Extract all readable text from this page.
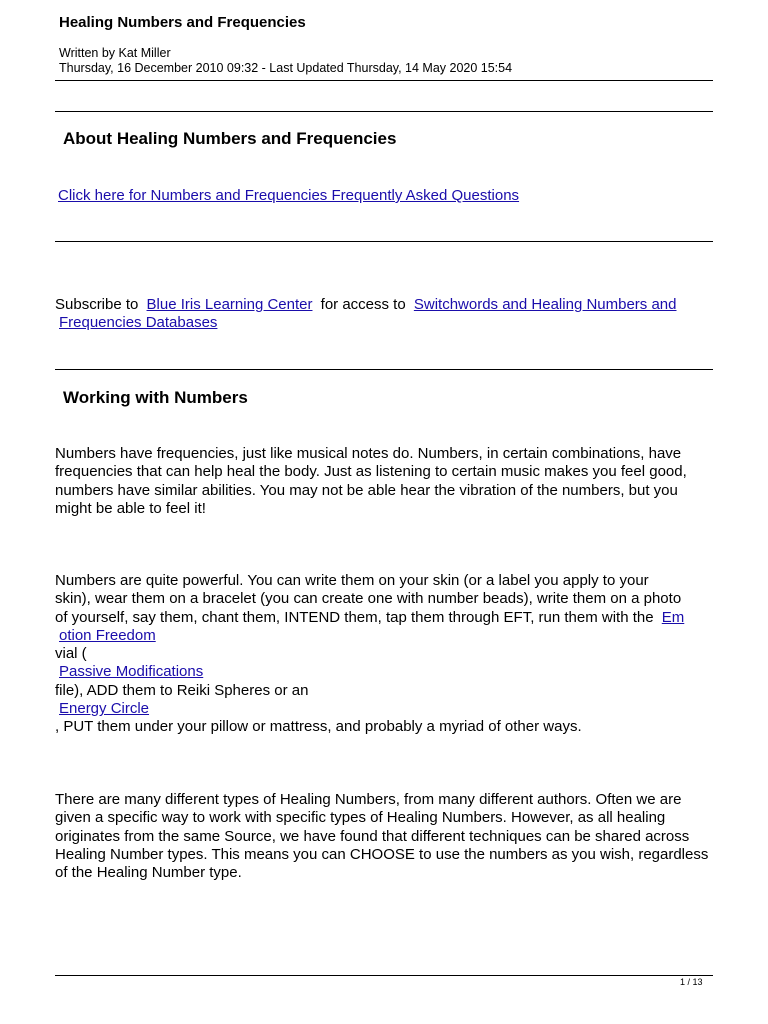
Healing Numbers and Frequencies
Written by Kat Miller
Thursday, 16 December 2010 09:32 - Last Updated Thursday, 14 May 2020 15:54
About Healing Numbers and Frequencies
Click here for Numbers and Frequencies Frequently Asked Questions
Subscribe to Blue Iris Learning Center for access to Switchwords and Healing Numbers and
Frequencies Databases
Working with Numbers
Numbers have frequencies, just like musical notes do. Numbers, in certain combinations, have frequencies that can help heal the body. Just as listening to certain music makes you feel good, numbers have similar abilities. You may not be able hear the vibration of the numbers, but you might be able to feel it!
Numbers are quite powerful. You can write them on your skin (or a label you apply to your
skin), wear them on a bracelet (you can create one with number beads), write them on a photo
of yourself, say them, chant them, INTEND them, tap them through EFT, run them with the Em
otion Freedom
vial (
Passive Modifications
file), ADD them to Reiki Spheres or an
Energy Circle
, PUT them under your pillow or mattress, and probably a myriad of other ways.
There are many different types of Healing Numbers, from many different authors. Often we are given a specific way to work with specific types of Healing Numbers. However, as all healing originates from the same Source, we have found that different techniques can be shared across Healing Number types. This means you can CHOOSE to use the numbers as you wish, regardless of the Healing Number type.
1 / 13
